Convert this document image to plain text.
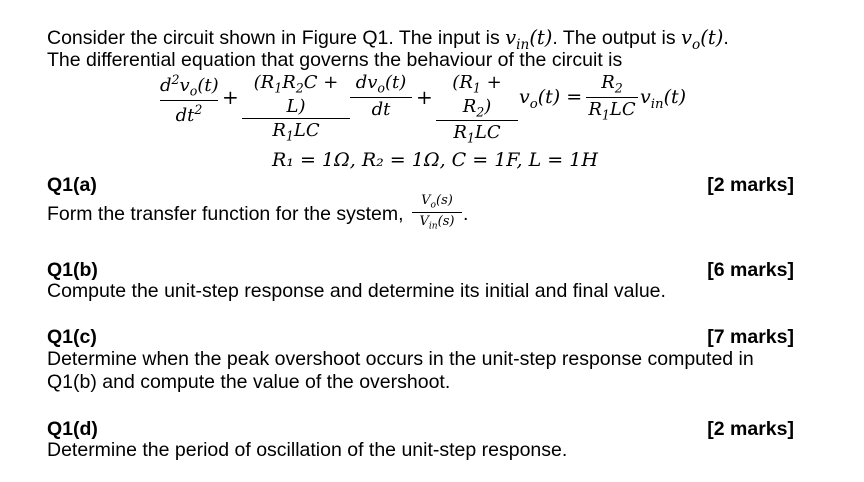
Consider the circuit shown in Figure Q1. The input is $v_{in}(t)$. The output is $v_o(t)$.
The differential equation that governs the behaviour of the circuit is
$d^2v_o(t)$
$dt^2$
+
$(R_1R_2C + L)$
$R_1LC$
$dv_o(t)$
dt
+
$(R_1 + R_2)$
$R_1LC$
$v_o(t)$ =
$R_2$
$R_1LC$
$v_{in}(t)$
R₁ = 1Ω, R₂ = 1Ω, C = 1F, L = 1H
Q1(a)	[2 marks]
Form the transfer function for the system,
$V_o(s)$
$V_{in}(s)$ .
Q1(b)	[6 marks]
Compute the unit-step response and determine its initial and final value.
Q1(c)	[7 marks]
Determine when the peak overshoot occurs in the unit-step response computed in
Q1(b) and compute the value of the overshoot.
Q1(d)	[2 marks]
Determine the period of oscillation of the unit-step response.
